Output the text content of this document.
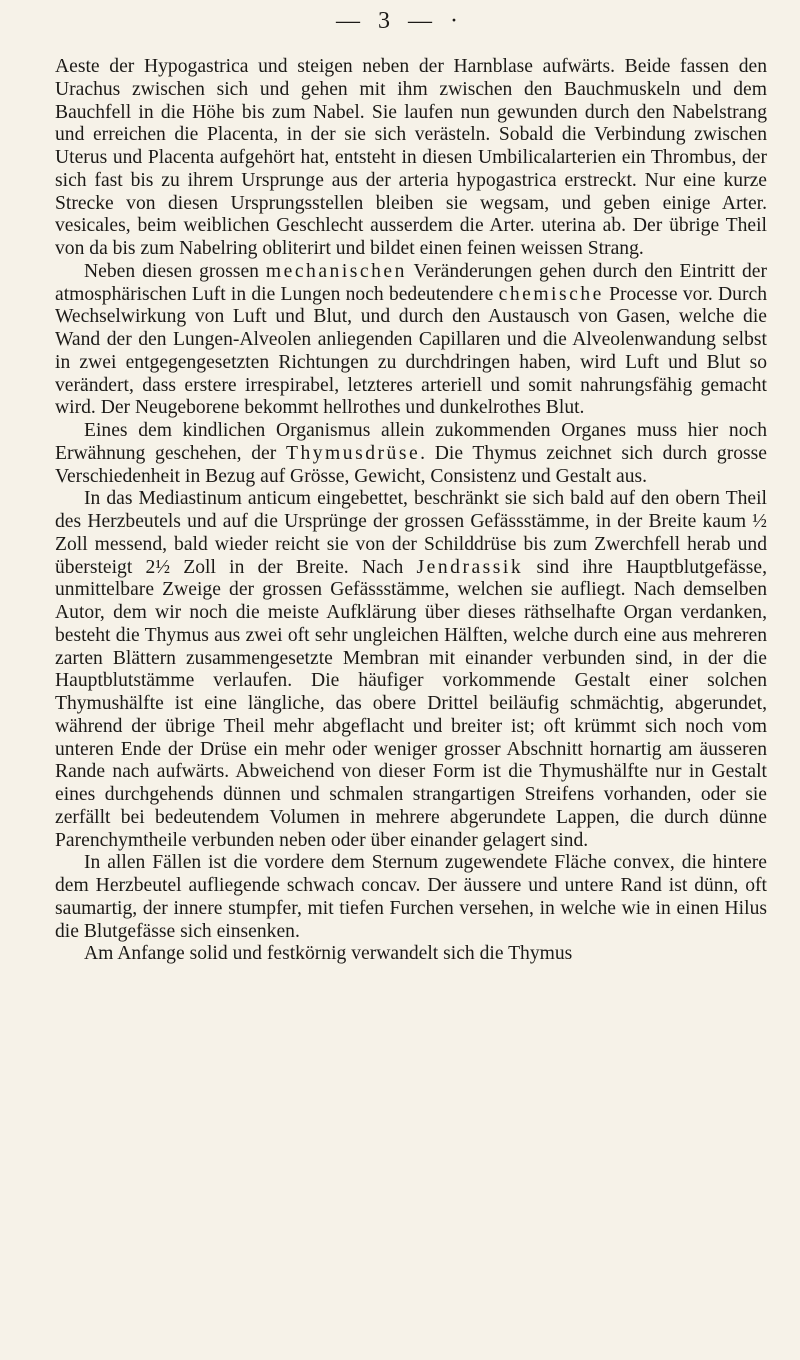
— 3 — ·

Aeste der Hypogastrica und steigen neben der Harnblase aufwärts. Beide fassen den Urachus zwischen sich und gehen mit ihm zwischen den Bauchmuskeln und dem Bauchfell in die Höhe bis zum Nabel. Sie laufen nun gewunden durch den Nabelstrang und erreichen die Placenta, in der sie sich verästeln. Sobald die Verbindung zwischen Uterus und Placenta aufgehört hat, entsteht in diesen Umbilicalarterien ein Thrombus, der sich fast bis zu ihrem Ursprunge aus der arteria hypogastrica erstreckt. Nur eine kurze Strecke von diesen Ursprungsstellen bleiben sie wegsam, und geben einige Arter. vesicales, beim weiblichen Geschlecht ausserdem die Arter. uterina ab. Der übrige Theil von da bis zum Nabelring obliterirt und bildet einen feinen weissen Strang.

Neben diesen grossen mechanischen Veränderungen gehen durch den Eintritt der atmosphärischen Luft in die Lungen noch bedeutendere chemische Processe vor. Durch Wechselwirkung von Luft und Blut, und durch den Austausch von Gasen, welche die Wand der den Lungen-Alveolen anliegenden Capillaren und die Alveolenwandung selbst in zwei entgegengesetzten Richtungen zu durchdringen haben, wird Luft und Blut so verändert, dass erstere irrespirabel, letzteres arteriell und somit nahrungsfähig gemacht wird. Der Neugeborene bekommt hellrothes und dunkelrothes Blut.

Eines dem kindlichen Organismus allein zukommenden Organes muss hier noch Erwähnung geschehen, der Thymusdrüse. Die Thymus zeichnet sich durch grosse Verschiedenheit in Bezug auf Grösse, Gewicht, Consistenz und Gestalt aus.

In das Mediastinum anticum eingebettet, beschränkt sie sich bald auf den obern Theil des Herzbeutels und auf die Ursprünge der grossen Gefässstämme, in der Breite kaum ½ Zoll messend, bald wieder reicht sie von der Schilddrüse bis zum Zwerchfell herab und übersteigt 2½ Zoll in der Breite. Nach Jendrassik sind ihre Hauptblutgefässe, unmittelbare Zweige der grossen Gefässstämme, welchen sie aufliegt. Nach demselben Autor, dem wir noch die meiste Aufklärung über dieses räthselhafte Organ verdanken, besteht die Thymus aus zwei oft sehr ungleichen Hälften, welche durch eine aus mehreren zarten Blättern zusammengesetzte Membran mit einander verbunden sind, in der die Hauptblutstämme verlaufen. Die häufiger vorkommende Gestalt einer solchen Thymushälfte ist eine längliche, das obere Drittel beiläufig schmächtig, abgerundet, während der übrige Theil mehr abgeflacht und breiter ist; oft krümmt sich noch vom unteren Ende der Drüse ein mehr oder weniger grosser Abschnitt hornartig am äusseren Rande nach aufwärts. Abweichend von dieser Form ist die Thymushälfte nur in Gestalt eines durchgehends dünnen und schmalen strangartigen Streifens vorhanden, oder sie zerfällt bei bedeutendem Volumen in mehrere abgerundete Lappen, die durch dünne Parenchymtheile verbunden neben oder über einander gelagert sind.

In allen Fällen ist die vordere dem Sternum zugewendete Fläche convex, die hintere dem Herzbeutel aufliegende schwach concav. Der äussere und untere Rand ist dünn, oft saumartig, der innere stumpfer, mit tiefen Furchen versehen, in welche wie in einen Hilus die Blutgefässe sich einsenken.

Am Anfange solid und festkörnig verwandelt sich die Thymus
